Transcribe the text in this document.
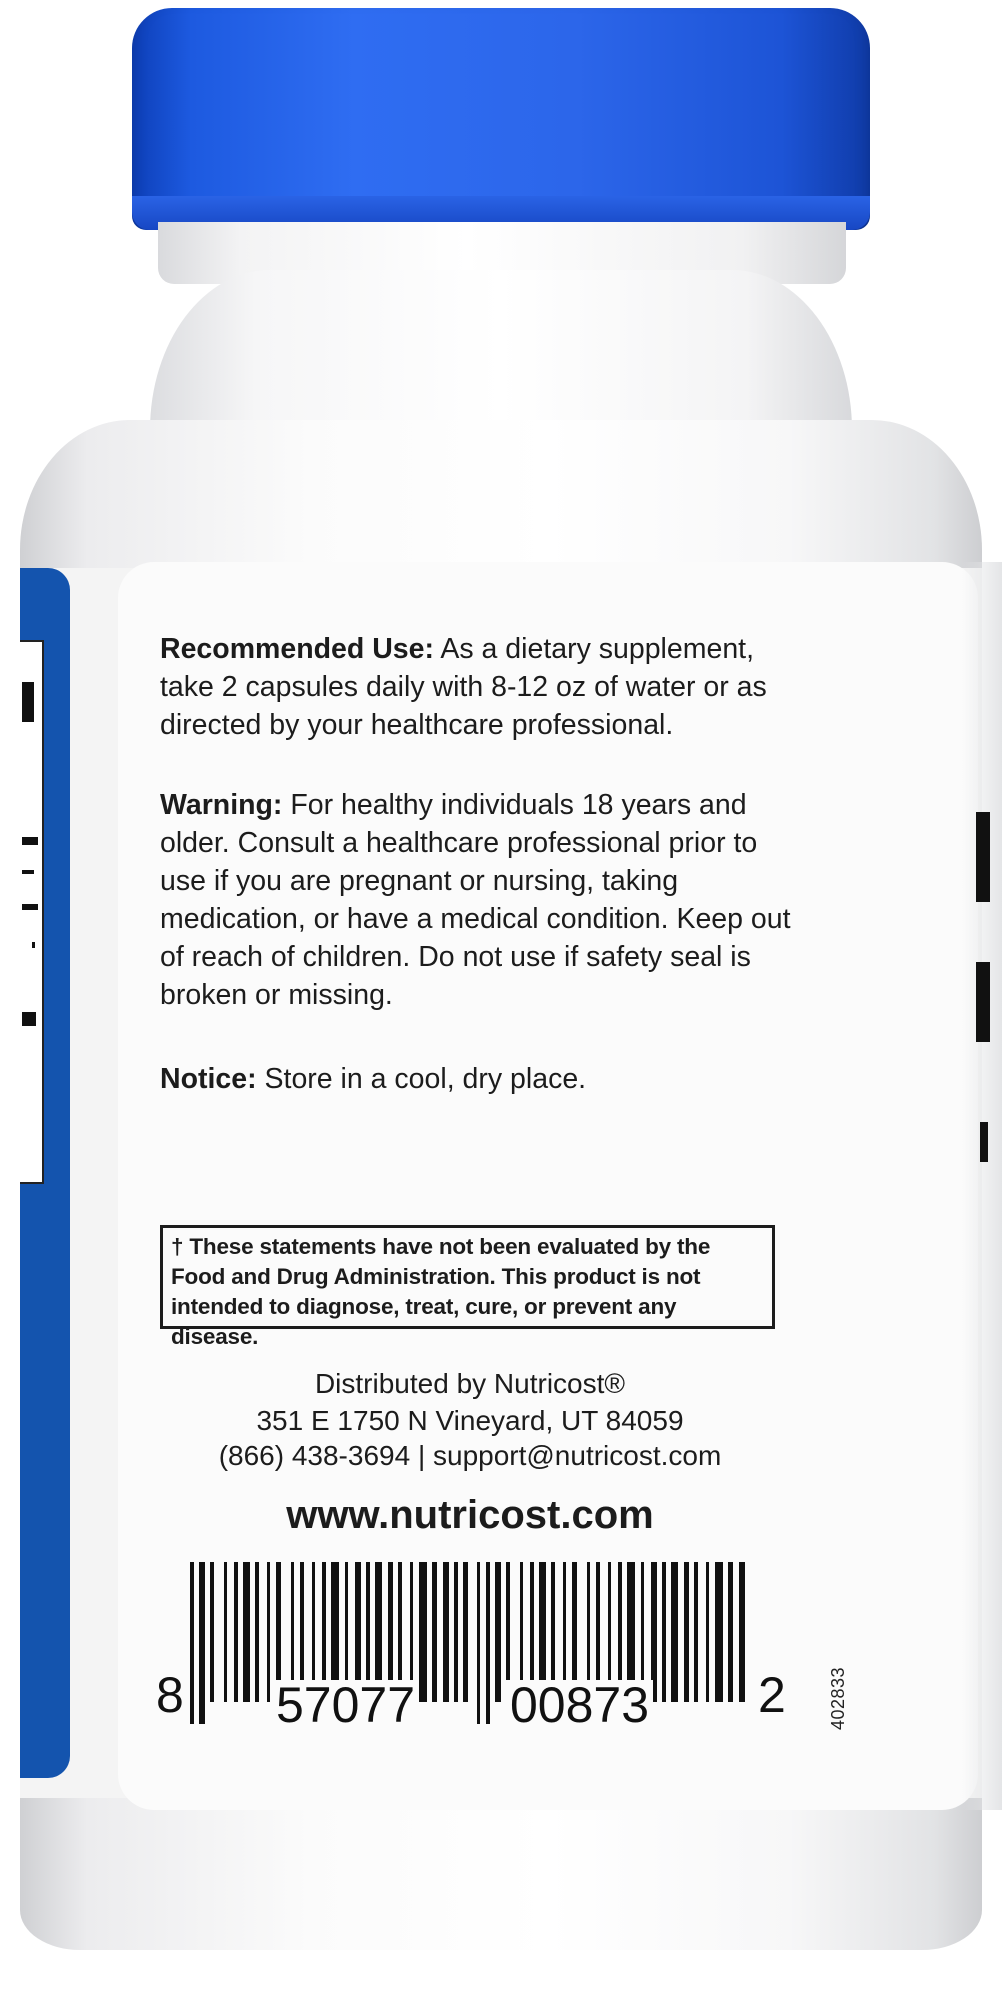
Recommended Use: As a dietary supplement, take 2 capsules daily with 8-12 oz of water or as directed by your healthcare professional.
Warning: For healthy individuals 18 years and older. Consult a healthcare professional prior to use if you are pregnant or nursing, taking medication, or have a medical condition. Keep out of reach of children. Do not use if safety seal is broken or missing.
Notice: Store in a cool, dry place.
† These statements have not been evaluated by the Food and Drug Administration. This product is not intended to diagnose, treat, cure, or prevent any disease.
Distributed by Nutricost®
351 E 1750 N Vineyard, UT 84059
(866) 438-3694 | support@nutricost.com
www.nutricost.com
8 57077 00873 2 402833
